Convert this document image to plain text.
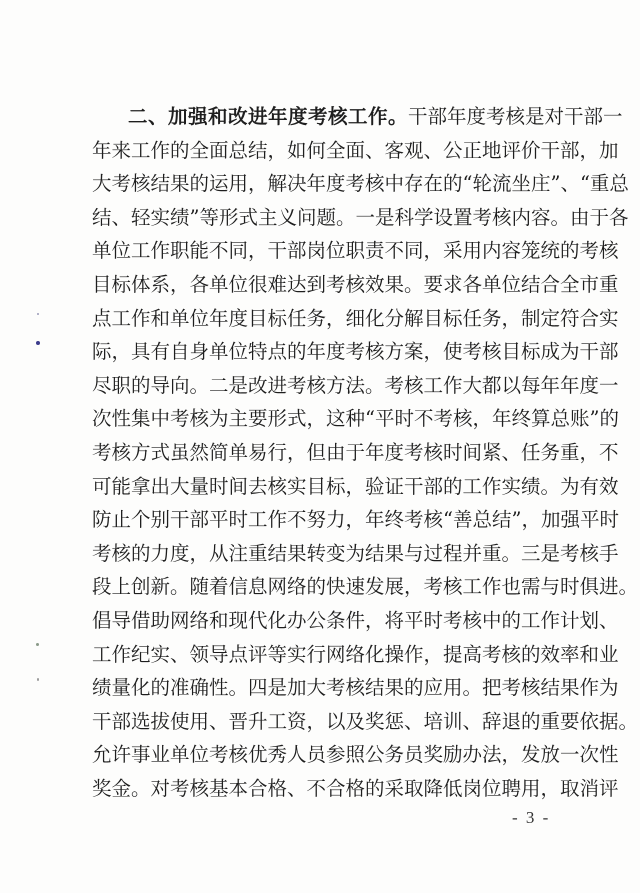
二、加强和改进年度考核工作。干部年度考核是对干部一
年来工作的全面总结，如何全面、客观、公正地评价干部，加
大考核结果的运用，解决年度考核中存在的“轮流坐庄”、“重总
结、轻实绩”等形式主义问题。一是科学设置考核内容。由于各
单位工作职能不同，干部岗位职责不同，采用内容笼统的考核
目标体系，各单位很难达到考核效果。要求各单位结合全市重
点工作和单位年度目标任务，细化分解目标任务，制定符合实
际，具有自身单位特点的年度考核方案，使考核目标成为干部
尽职的导向。二是改进考核方法。考核工作大都以每年年度一
次性集中考核为主要形式，这种“平时不考核，年终算总账”的
考核方式虽然简单易行，但由于年度考核时间紧、任务重，不
可能拿出大量时间去核实目标，验证干部的工作实绩。为有效
防止个别干部平时工作不努力，年终考核“善总结”，加强平时
考核的力度，从注重结果转变为结果与过程并重。三是考核手
段上创新。随着信息网络的快速发展，考核工作也需与时俱进。
倡导借助网络和现代化办公条件，将平时考核中的工作计划、
工作纪实、领导点评等实行网络化操作，提高考核的效率和业
绩量化的准确性。四是加大考核结果的应用。把考核结果作为
干部选拔使用、晋升工资，以及奖惩、培训、辞退的重要依据。
允许事业单位考核优秀人员参照公务员奖励办法，发放一次性
奖金。对考核基本合格、不合格的采取降低岗位聘用，取消评
- 3 -
